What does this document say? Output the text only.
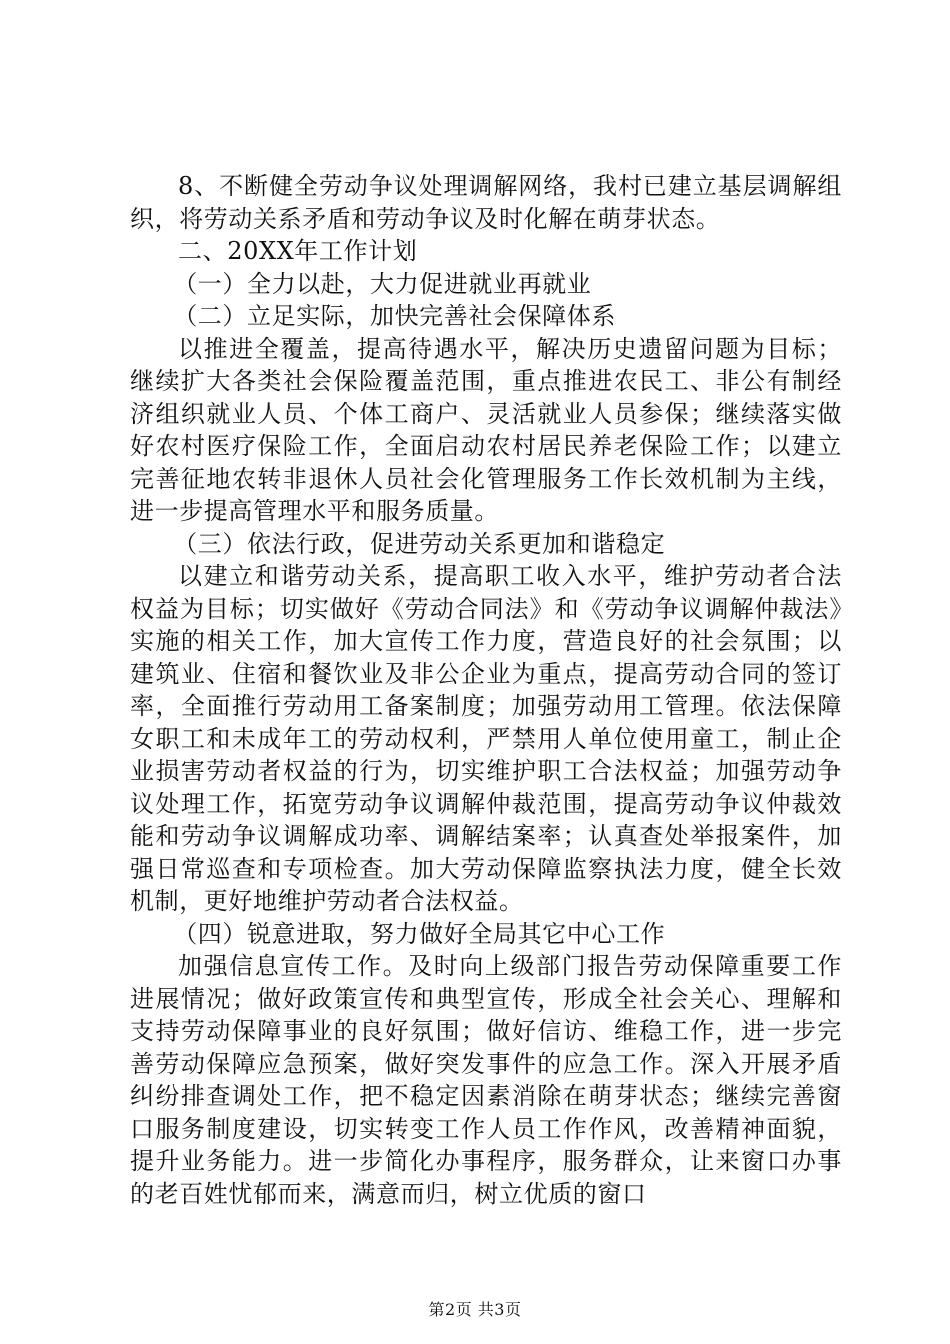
8、不断健全劳动争议处理调解网络，我村已建立基层调解组织，将劳动关系矛盾和劳动争议及时化解在萌芽状态。

二、20XX年工作计划

（一）全力以赴，大力促进就业再就业

（二）立足实际，加快完善社会保障体系

以推进全覆盖，提高待遇水平，解决历史遗留问题为目标；继续扩大各类社会保险覆盖范围，重点推进农民工、非公有制经济组织就业人员、个体工商户、灵活就业人员参保；继续落实做好农村医疗保险工作，全面启动农村居民养老保险工作；以建立完善征地农转非退休人员社会化管理服务工作长效机制为主线，进一步提高管理水平和服务质量。

（三）依法行政，促进劳动关系更加和谐稳定

以建立和谐劳动关系，提高职工收入水平，维护劳动者合法权益为目标；切实做好《劳动合同法》和《劳动争议调解仲裁法》实施的相关工作，加大宣传工作力度，营造良好的社会氛围；以建筑业、住宿和餐饮业及非公企业为重点，提高劳动合同的签订率，全面推行劳动用工备案制度；加强劳动用工管理。依法保障女职工和未成年工的劳动权利，严禁用人单位使用童工，制止企业损害劳动者权益的行为，切实维护职工合法权益；加强劳动争议处理工作，拓宽劳动争议调解仲裁范围，提高劳动争议仲裁效能和劳动争议调解成功率、调解结案率；认真查处举报案件，加强日常巡查和专项检查。加大劳动保障监察执法力度，健全长效机制，更好地维护劳动者合法权益。

（四）锐意进取，努力做好全局其它中心工作

加强信息宣传工作。及时向上级部门报告劳动保障重要工作进展情况；做好政策宣传和典型宣传，形成全社会关心、理解和支持劳动保障事业的良好氛围；做好信访、维稳工作，进一步完善劳动保障应急预案，做好突发事件的应急工作。深入开展矛盾纠纷排查调处工作，把不稳定因素消除在萌芽状态；继续完善窗口服务制度建设，切实转变工作人员工作作风，改善精神面貌，提升业务能力。进一步简化办事程序，服务群众，让来窗口办事的老百姓忧郁而来，满意而归，树立优质的窗口

第2页 共3页
